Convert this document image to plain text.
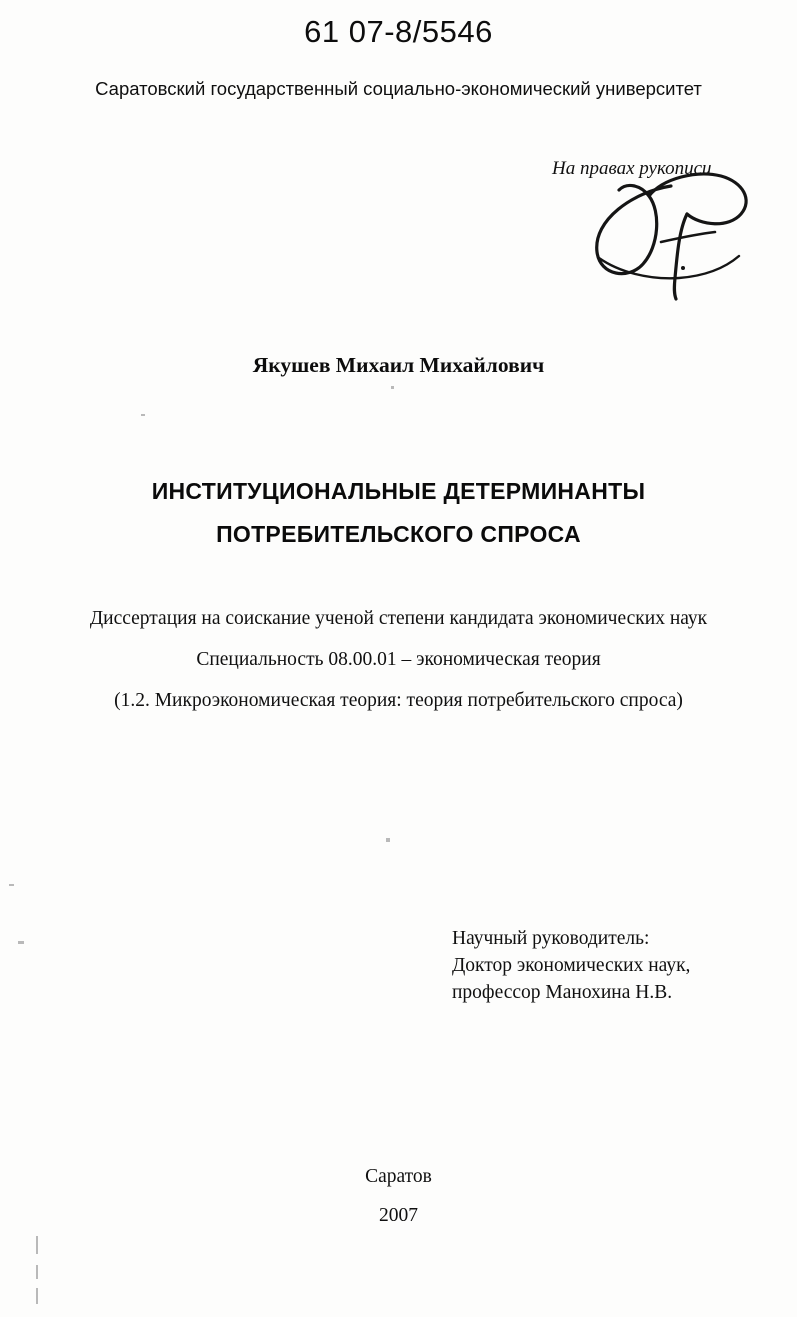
61 07-8/5546
Саратовский государственный социально-экономический университет
На правах рукописи
Якушев Михаил Михайлович
ИНСТИТУЦИОНАЛЬНЫЕ ДЕТЕРМИНАНТЫ
ПОТРЕБИТЕЛЬСКОГО СПРОСА
Диссертация на соискание ученой степени кандидата экономических наук
Специальность 08.00.01 – экономическая теория
(1.2. Микроэкономическая теория: теория потребительского спроса)
Научный руководитель:
Доктор экономических наук,
профессор Манохина Н.В.
Саратов
2007
